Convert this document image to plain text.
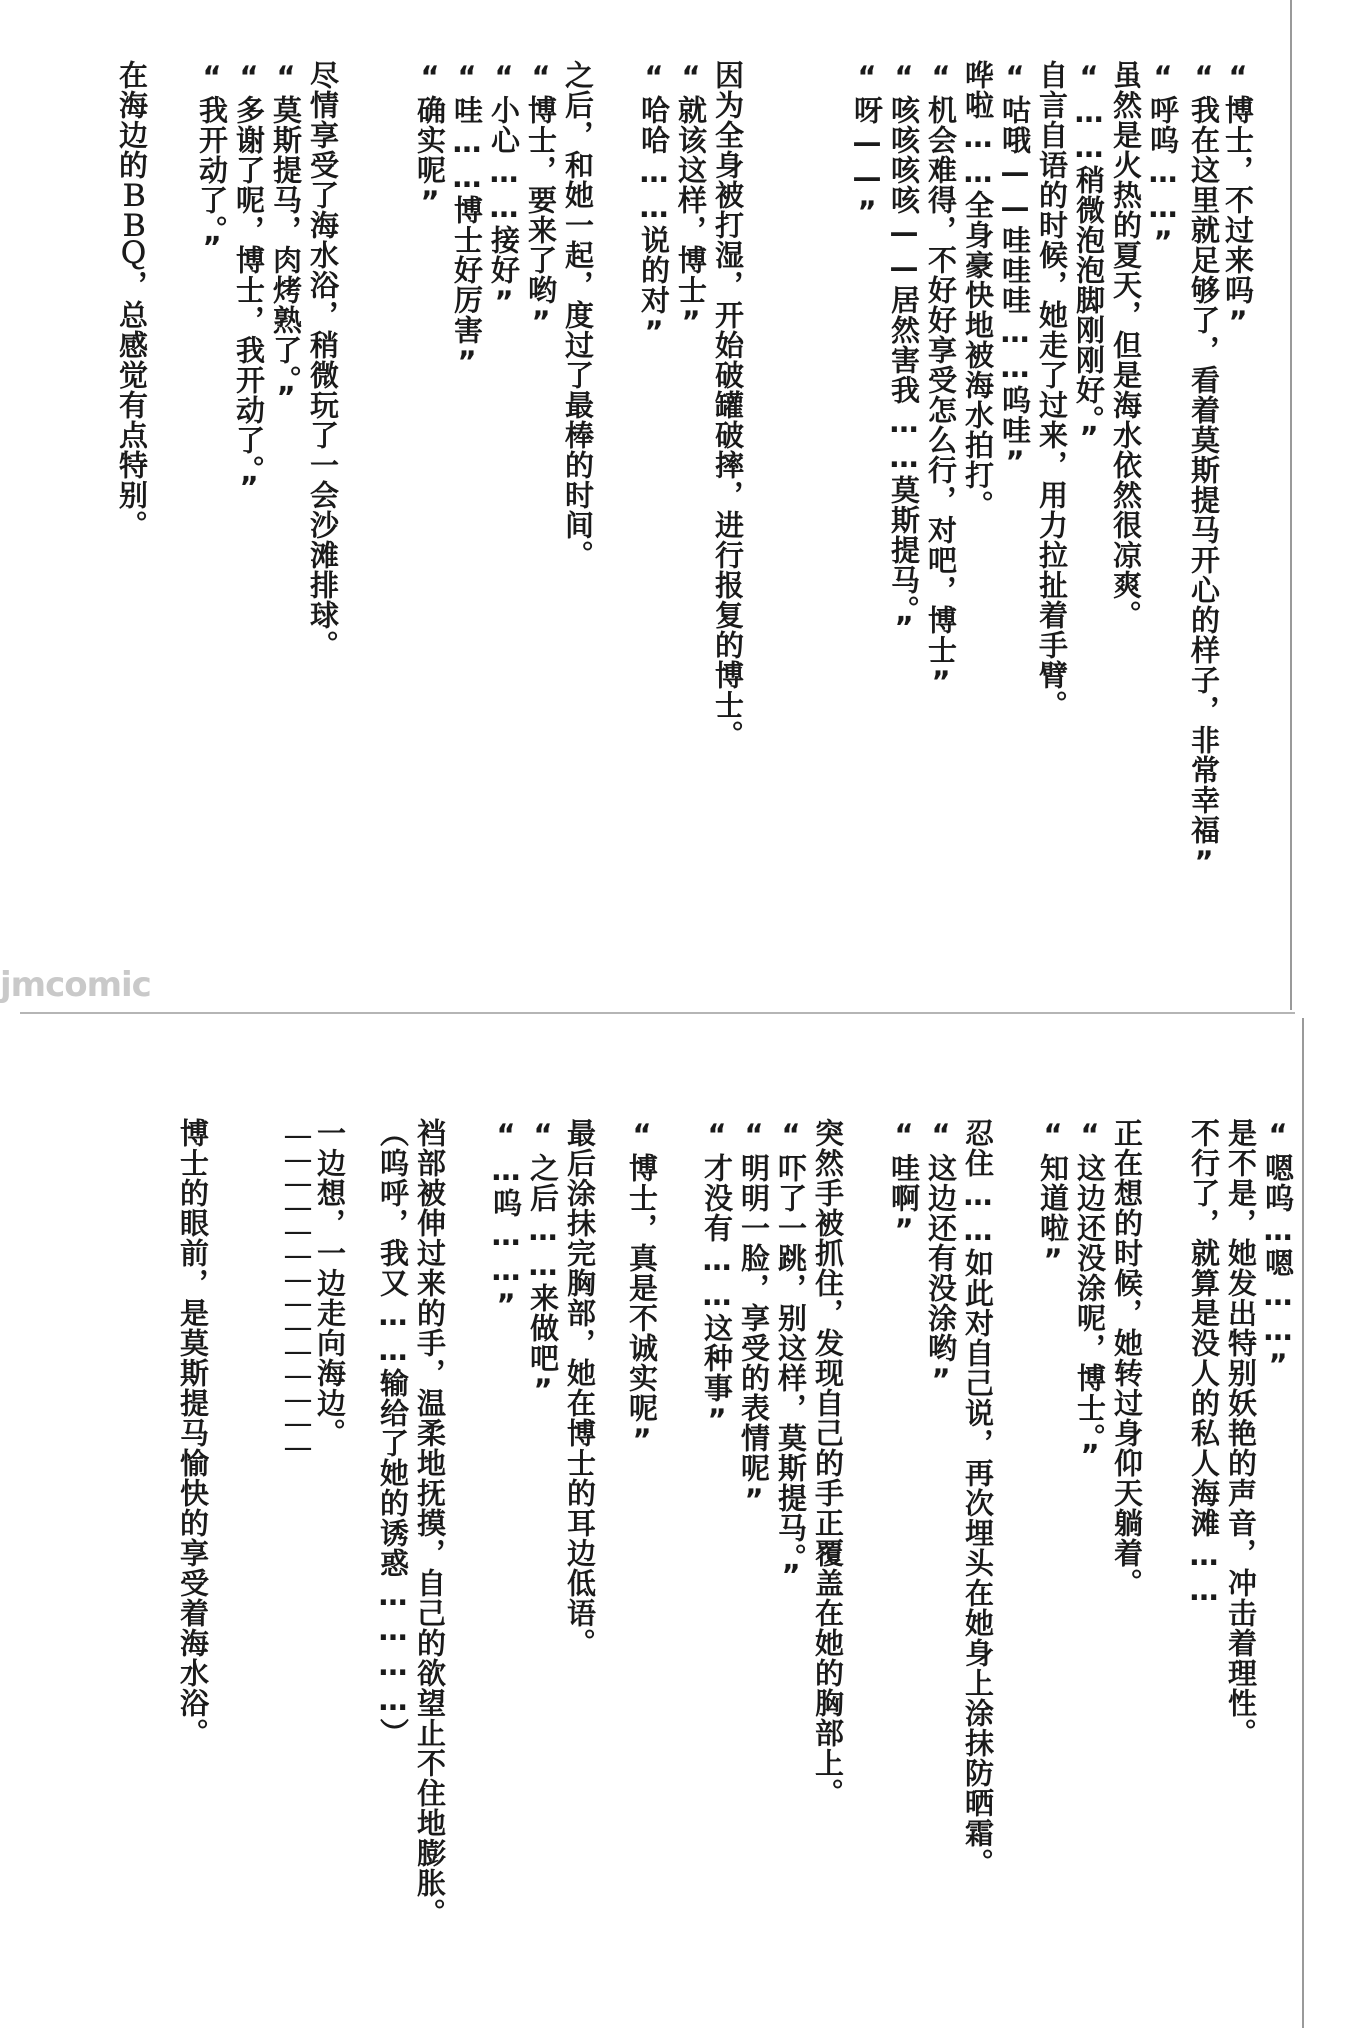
“博士，不过来吗”
“我在这里就足够了，看着莫斯提马开心的样子，非常幸福”
“呼呜……”
虽然是火热的夏天，但是海水依然很凉爽。
“……稍微泡泡脚刚刚好。”
自言自语的时候，她走了过来，用力拉扯着手臂。
“咕哦——哇哇哇……呜哇”
哗啦……全身豪快地被海水拍打。
“机会难得，不好好享受怎么行，对吧，博士”
“咳咳咳咳——居然害我……莫斯提马。”
“呀——”
因为全身被打湿，开始破罐破摔，进行报复的博士。
“就该这样，博士”
“哈哈……说的对”
之后，和她一起，度过了最棒的时间。
“博士，要来了哟”
“小心……接好”
“哇……博士好厉害”
“确实呢”
尽情享受了海水浴，稍微玩了一会沙滩排球。
“莫斯提马，肉烤熟了。”
“多谢了呢，博士，我开动了。”
“我开动了。”
在海边的ＢＢＱ，总感觉有点特别。
jmcomic
“嗯呜…嗯……”
是不是，她发出特别妖艳的声音，冲击着理性。
不行了，就算是没人的私人海滩……
正在想的时候，她转过身仰天躺着。
“这边还没涂呢，博士。”
“知道啦”
忍住……如此对自己说，再次埋头在她身上涂抹防晒霜。
“这边还有没涂哟”
“哇啊”
突然手被抓住，发现自己的手正覆盖在她的胸部上。
“吓了一跳，别这样，莫斯提马。”
“明明一脸，享受的表情呢”
“才没有……这种事”
“博士，真是不诚实呢”
最后涂抹完胸部，她在博士的耳边低语。
“之后……来做吧”
“…呜……”
裆部被伸过来的手，温柔地抚摸，自己的欲望止不住地膨胀。
（呜呼，我又……输给了她的诱惑…………）
一边想，一边走向海边。
——————————————
博士的眼前，是莫斯提马愉快的享受着海水浴。
